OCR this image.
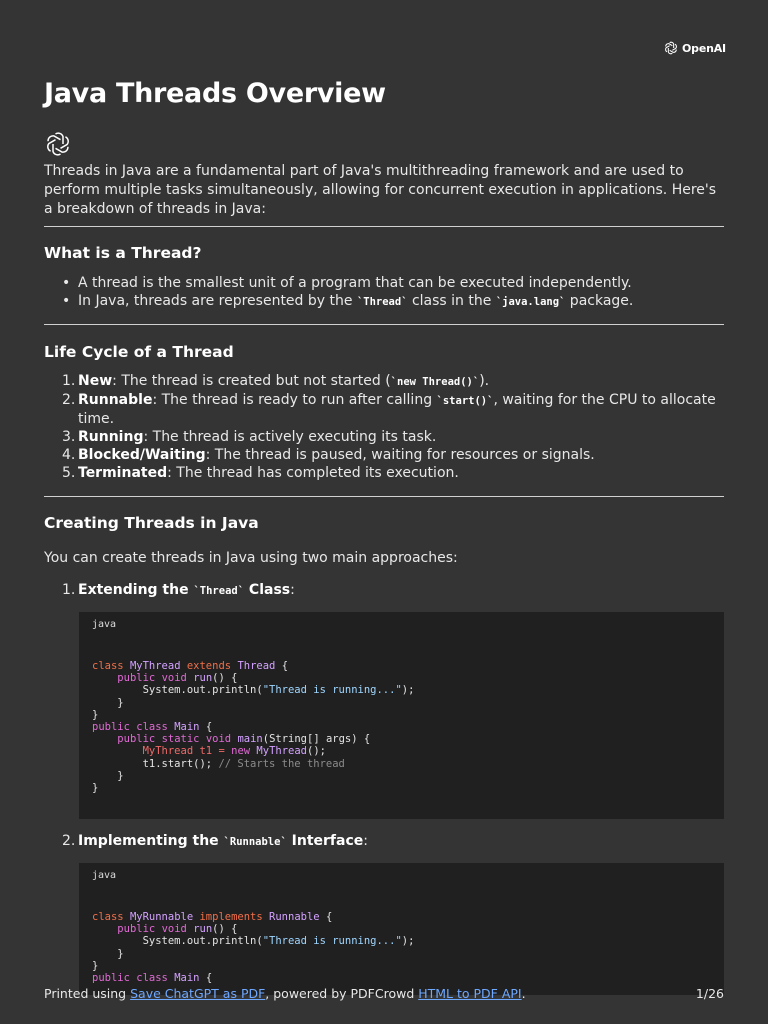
OpenAI
Java Threads Overview

Threads in Java are a fundamental part of Java's multithreading framework and are used to perform multiple tasks simultaneously, allowing for concurrent execution in applications. Here's a breakdown of threads in Java:

What is a Thread?
• A thread is the smallest unit of a program that can be executed independently.
• In Java, threads are represented by the `Thread` class in the `java.lang` package.
Life Cycle of a Thread
1. New: The thread is created but not started (`new Thread()`).
2. Runnable: The thread is ready to run after calling `start()`, waiting for the CPU to allocate time.
3. Running: The thread is actively executing its task.
4. Blocked/Waiting: The thread is paused, waiting for resources or signals.
5. Terminated: The thread has completed its execution.
Creating Threads in Java

You can create threads in Java using two main approaches:

1. Extending the `Thread` Class:
java
class MyThread extends Thread {
public void run() {
System.out.println("Thread is running...");
}
}
public class Main {
public static void main(String[] args) {
MyThread t1 = new MyThread();
t1.start(); // Starts the thread
}
}
2. Implementing the `Runnable` Interface:
java
class MyRunnable implements Runnable {
public void run() {
System.out.println("Thread is running...");
}
}
public class Main {
Printed using Save ChatGPT as PDF, powered by PDFCrowd HTML to PDF API.	1/26
